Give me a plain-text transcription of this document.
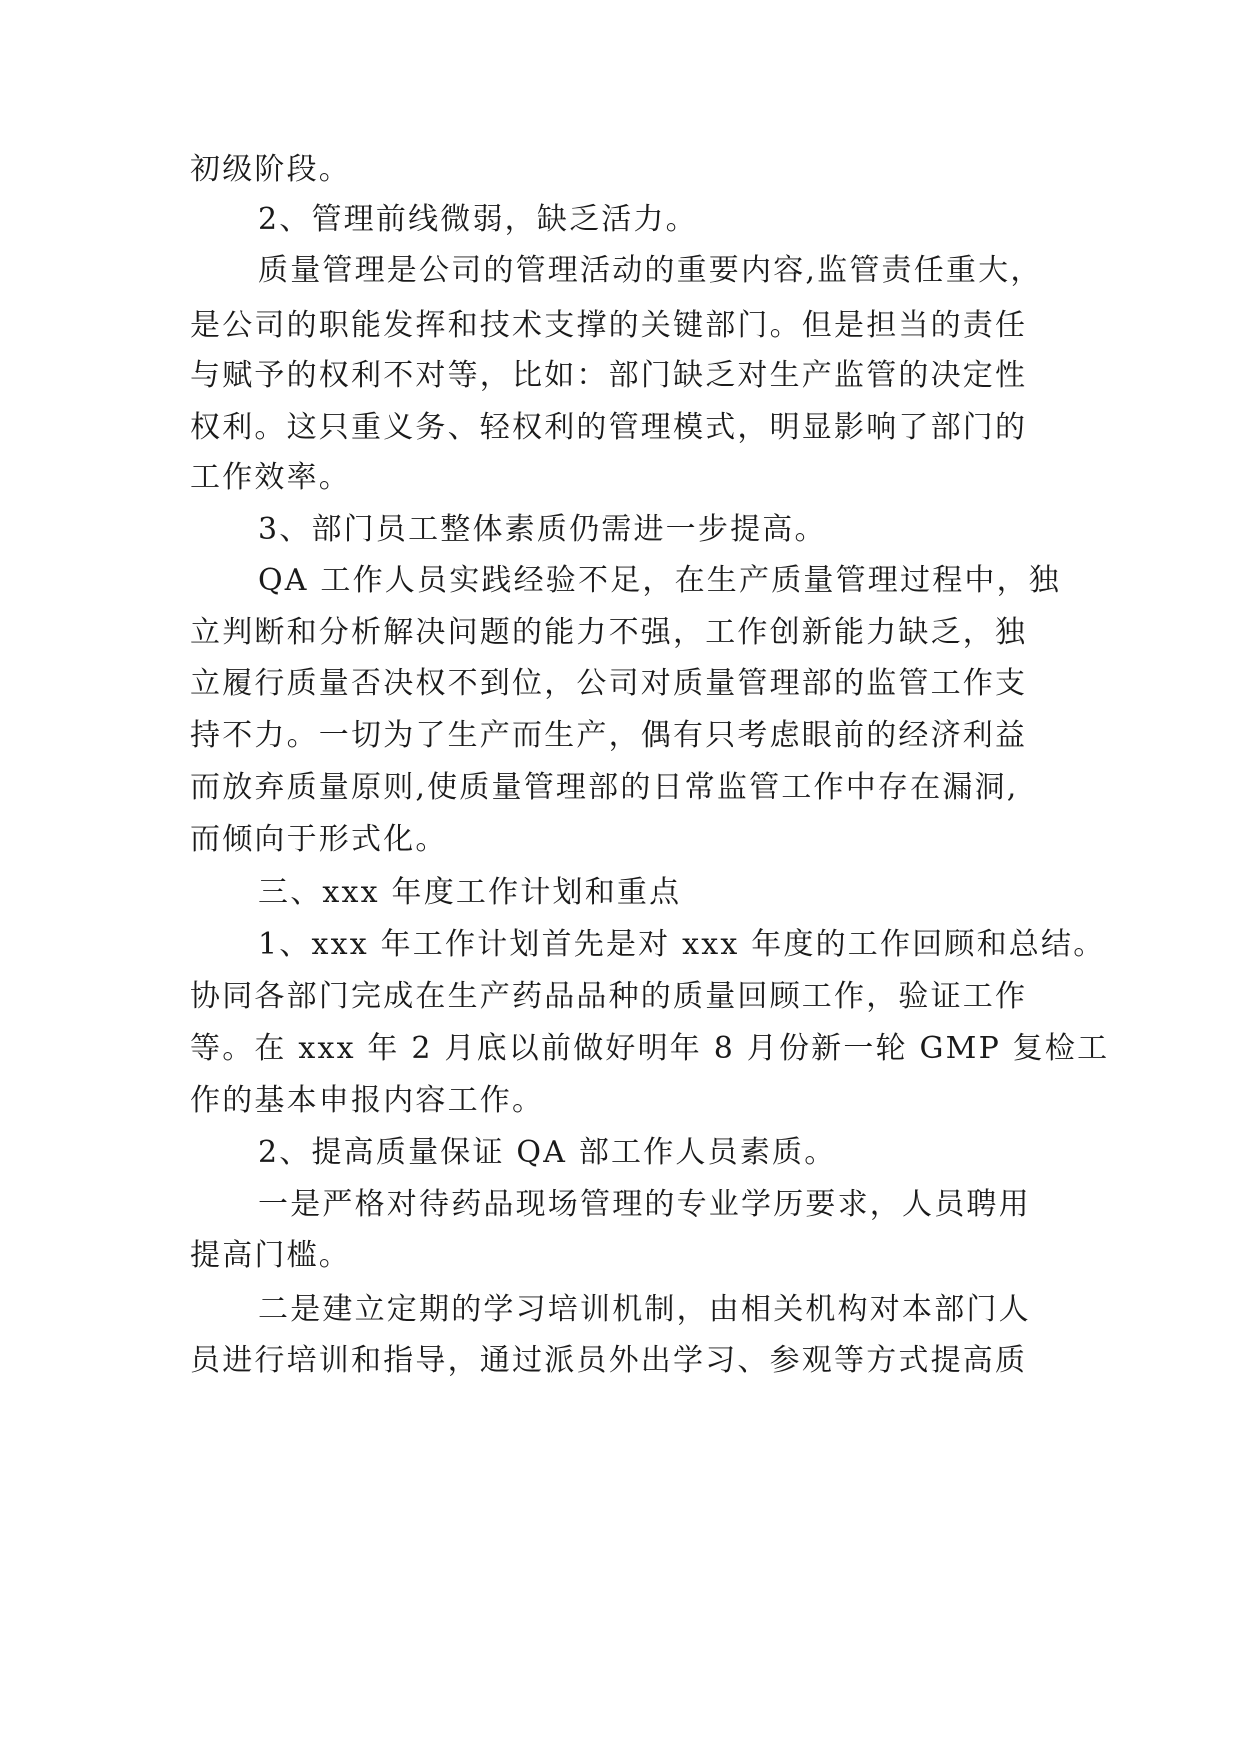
初级阶段。
2、管理前线微弱，缺乏活力。
质量管理是公司的管理活动的重要内容,监管责任重大，
是公司的职能发挥和技术支撑的关键部门。但是担当的责任
与赋予的权利不对等，比如：部门缺乏对生产监管的决定性
权利。这只重义务、轻权利的管理模式，明显影响了部门的
工作效率。
3、部门员工整体素质仍需进一步提高。
QA 工作人员实践经验不足，在生产质量管理过程中，独
立判断和分析解决问题的能力不强，工作创新能力缺乏，独
立履行质量否决权不到位，公司对质量管理部的监管工作支
持不力。一切为了生产而生产，偶有只考虑眼前的经济利益
而放弃质量原则,使质量管理部的日常监管工作中存在漏洞,
而倾向于形式化。
三、xxx 年度工作计划和重点
1、xxx 年工作计划首先是对 xxx 年度的工作回顾和总结。
协同各部门完成在生产药品品种的质量回顾工作，验证工作
等。在 xxx 年 2 月底以前做好明年 8 月份新一轮 GMP 复检工
作的基本申报内容工作。
2、提高质量保证 QA 部工作人员素质。
一是严格对待药品现场管理的专业学历要求，人员聘用
提高门槛。
二是建立定期的学习培训机制，由相关机构对本部门人
员进行培训和指导，通过派员外出学习、参观等方式提高质
